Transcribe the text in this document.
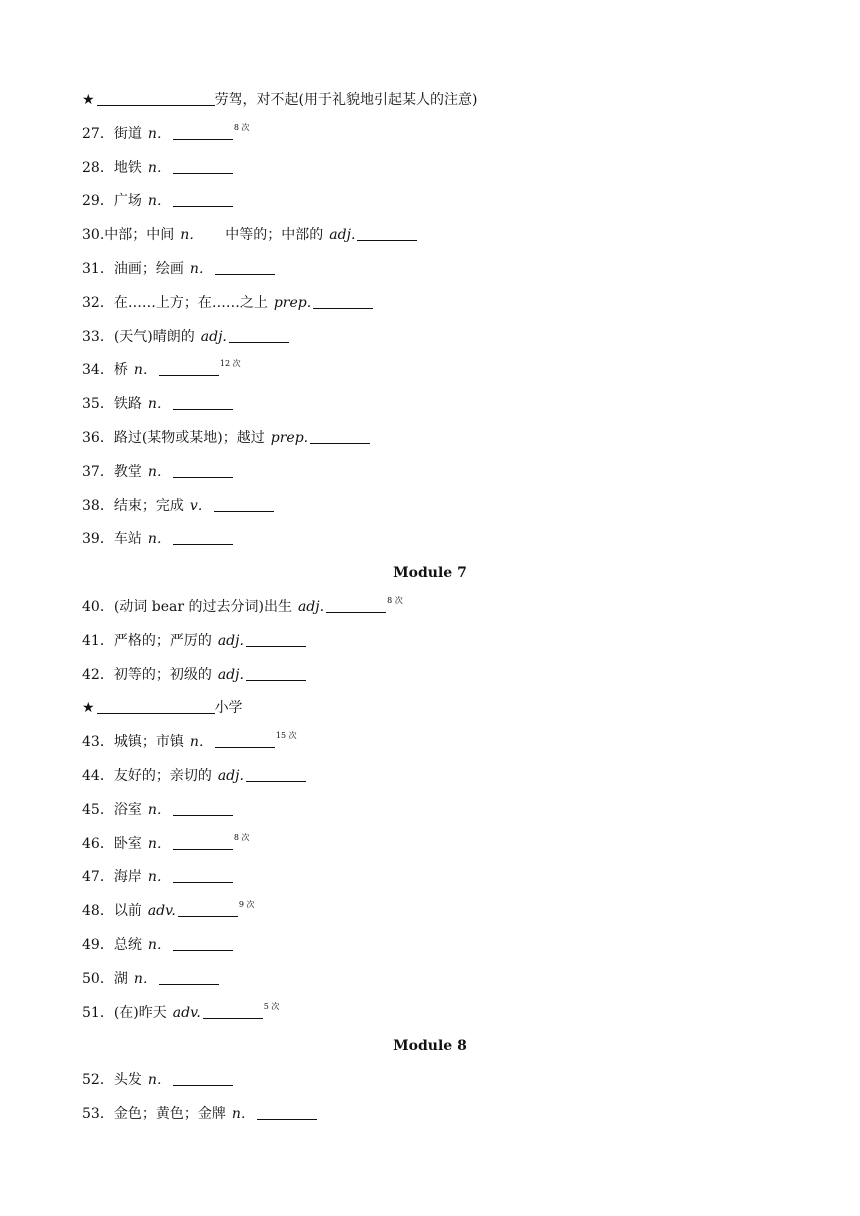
★	劳驾，对不起(用于礼貌地引起某人的注意)
27．街道 n．	$^{8 次}$
28．地铁 n．
29．广场 n．
30.中部；中间 n． 中等的；中部的 adj.
31．油画；绘画 n．
32．在……上方；在……之上 prep.
33．(天气)晴朗的 adj.
34．桥 n．	$^{12 次}$
35．铁路 n．
36．路过(某物或某地)；越过 prep.
37．教堂 n．
38．结束；完成 v．
39．车站 n．
Module 7
40．(动词 bear 的过去分词)出生 adj.	$^{8 次}$
41．严格的；严厉的 adj.
42．初等的；初级的 adj.
★	小学
43．城镇；市镇 n．	$^{15 次}$
44．友好的；亲切的 adj.
45．浴室 n．
46．卧室 n．	$^{8 次}$
47．海岸 n．
48．以前 adv.	$^{9 次}$
49．总统 n．
50．湖 n．
51．(在)昨天 adv.	$^{5 次}$
Module 8
52．头发 n．
53．金色；黄色；金牌 n．
